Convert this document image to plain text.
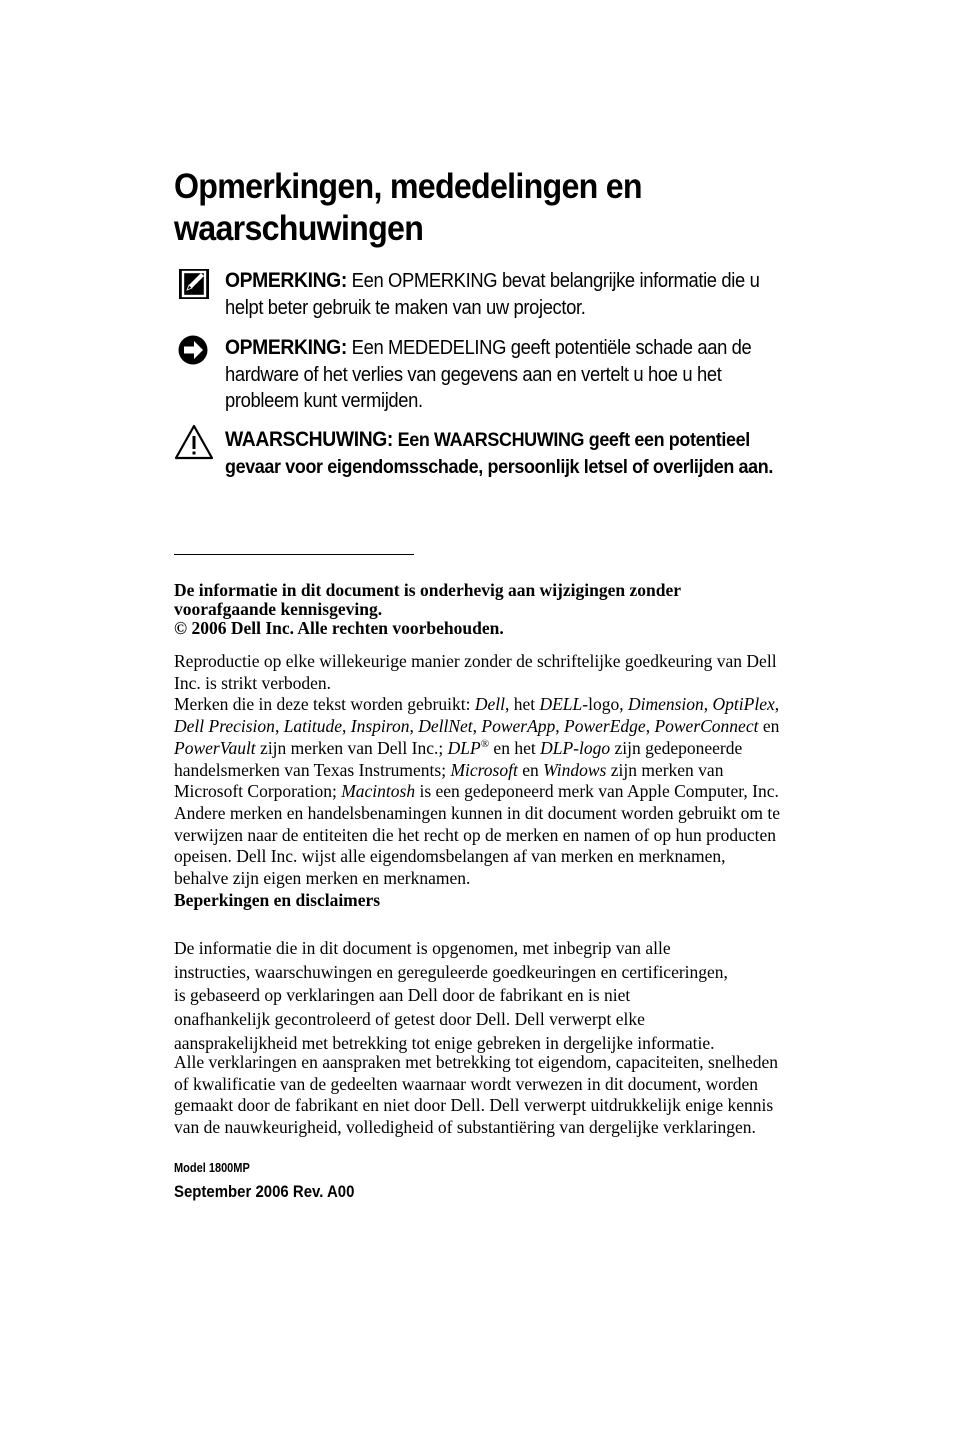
Opmerkingen, mededelingen en
waarschuwingen
OPMERKING: Een OPMERKING bevat belangrijke informatie die u helpt beter gebruik te maken van uw projector.
OPMERKING: Een MEDEDELING geeft potentiële schade aan de hardware of het verlies van gegevens aan en vertelt u hoe u het probleem kunt vermijden.
WAARSCHUWING: Een WAARSCHUWING geeft een potentieel gevaar voor eigendomsschade, persoonlijk letsel of overlijden aan.

De informatie in dit document is onderhevig aan wijzigingen zonder voorafgaande kennisgeving.

© 2006 Dell Inc. Alle rechten voorbehouden.

Reproductie op elke willekeurige manier zonder de schriftelijke goedkeuring van Dell Inc. is strikt verboden.

Merken die in deze tekst worden gebruikt: Dell, het DELL-logo, Dimension, OptiPlex, Dell Precision, Latitude, Inspiron, DellNet, PowerApp, PowerEdge, PowerConnect en PowerVault zijn merken van Dell Inc.; DLP® en het DLP-logo zijn gedeponeerde handelsmerken van Texas Instruments; Microsoft en Windows zijn merken van Microsoft Corporation; Macintosh is een gedeponeerd merk van Apple Computer, Inc.

Andere merken en handelsbenamingen kunnen in dit document worden gebruikt om te verwijzen naar de entiteiten die het recht op de merken en namen of op hun producten opeisen. Dell Inc. wijst alle eigendomsbelangen af van merken en merknamen, behalve zijn eigen merken en merknamen.

Beperkingen en disclaimers

De informatie die in dit document is opgenomen, met inbegrip van alle

instructies, waarschuwingen en gereguleerde goedkeuringen en certificeringen,

is gebaseerd op verklaringen aan Dell door de fabrikant en is niet

onafhankelijk gecontroleerd of getest door Dell. Dell verwerpt elke

aansprakelijkheid met betrekking tot enige gebreken in dergelijke informatie.

Alle verklaringen en aanspraken met betrekking tot eigendom, capaciteiten, snelheden of kwalificatie van de gedeelten waarnaar wordt verwezen in dit document, worden gemaakt door de fabrikant en niet door Dell. Dell verwerpt uitdrukkelijk enige kennis van de nauwkeurigheid, volledigheid of substantiëring van dergelijke verklaringen.

Model 1800MP
September 2006 Rev. A00
